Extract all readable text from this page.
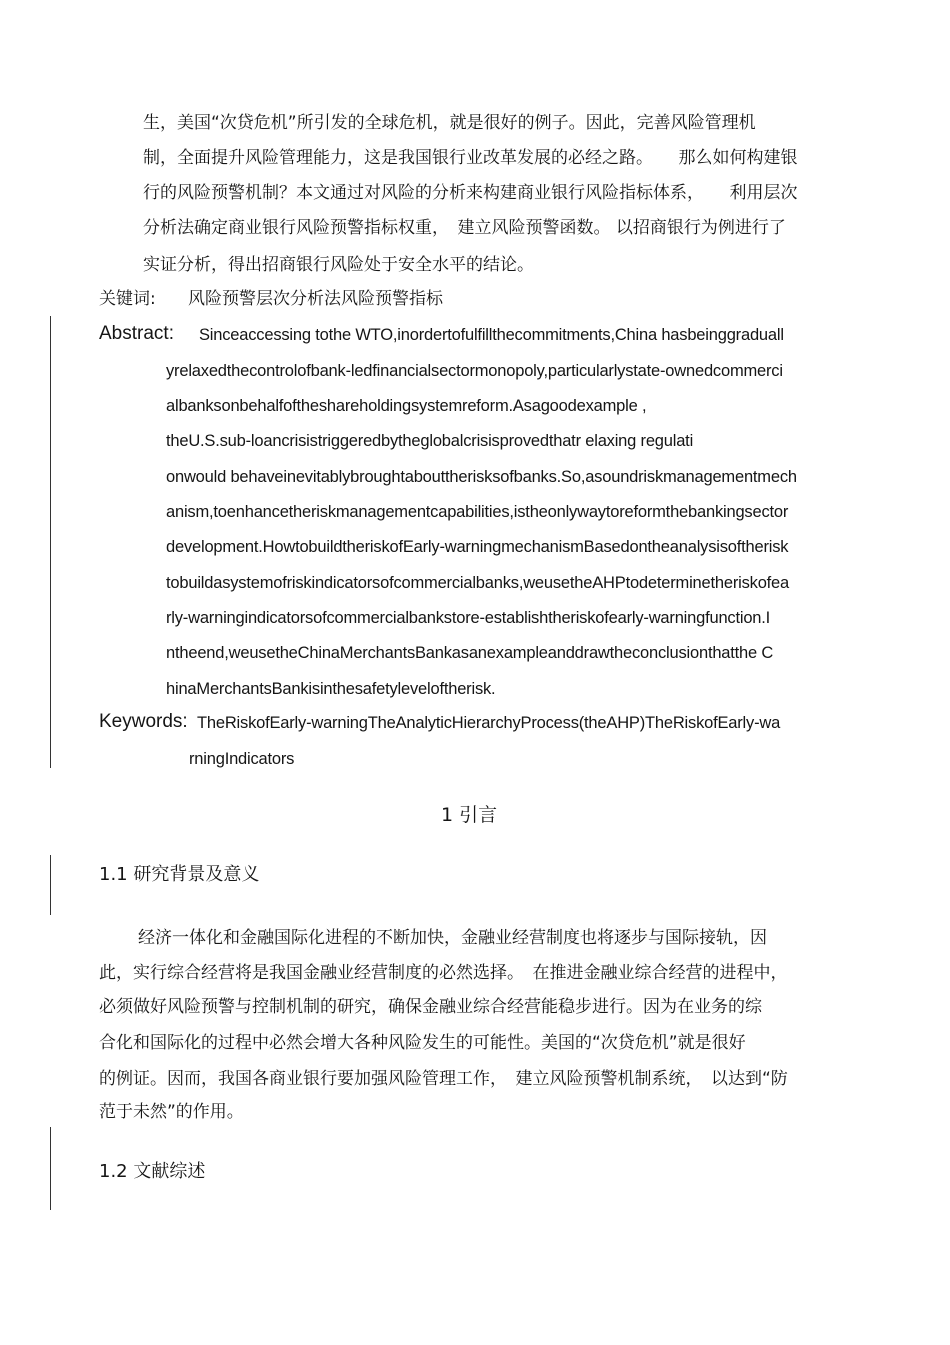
生，美国“次贷危机”所引发的全球危机，就是很好的例子。因此，完善风险管理机
制，全面提升风险管理能力，这是我国银行业改革发展的必经之路。　　那么如何构建银
行的风险预警机制？本文通过对风险的分析来构建商业银行风险指标体系，　　利用层次
分析法确定商业银行风险预警指标权重，　建立风险预警函数。 以招商银行为例进行了
实证分析，得出招商银行风险处于安全水平的结论。
关键词: 风险预警层次分析法风险预警指标
Abstract: Sinceaccessing tothe WTO,inordertofulfillthecommitments,China hasbeinggraduall
yrelaxedthecontrolofbank-ledfinancialsectormonopoly,particularlystate-ownedcommerci
albanksonbehalfoftheshareholdingsystemreform.Asagoodexample ,
theU.S.sub-loancrisistriggeredbytheglobalcrisisprovedthatr elaxing regulati
onwould behaveinevitablybroughtabouttherisksofbanks.So,asoundriskmanagementmech
anism,toenhancetheriskmanagementcapabilities,istheonlywaytoreformthebankingsector
development.HowtobuildtheriskofEarly-warningmechanismBasedontheanalysisoftherisk
tobuildasystemofriskindicatorsofcommercialbanks,weusetheAHPtodeterminetheriskofea
rly-warningindicatorsofcommercialbankstore-establishtheriskofearly-warningfunction.I
ntheend,weusetheChinaMerchantsBankasanexampleanddrawtheconclusionthatthe C
hinaMerchantsBankisinthesafetyleveloftherisk.
Keywords: TheRiskofEarly-warningTheAnalyticHierarchyProcess(theAHP)TheRiskofEarly-wa
rningIndicators
1 引言
1.1 研究背景及意义
经济一体化和金融国际化进程的不断加快，金融业经营制度也将逐步与国际接轨，因
此，实行综合经营将是我国金融业经营制度的必然选择。　在推进金融业综合经营的进程中，
必须做好风险预警与控制机制的研究，确保金融业综合经营能稳步进行。因为在业务的综
合化和国际化的过程中必然会增大各种风险发生的可能性。美国的“次贷危机”就是很好
的例证。因而，我国各商业银行要加强风险管理工作，　建立风险预警机制系统，　以达到“防
范于未然”的作用。
1.2 文献综述
